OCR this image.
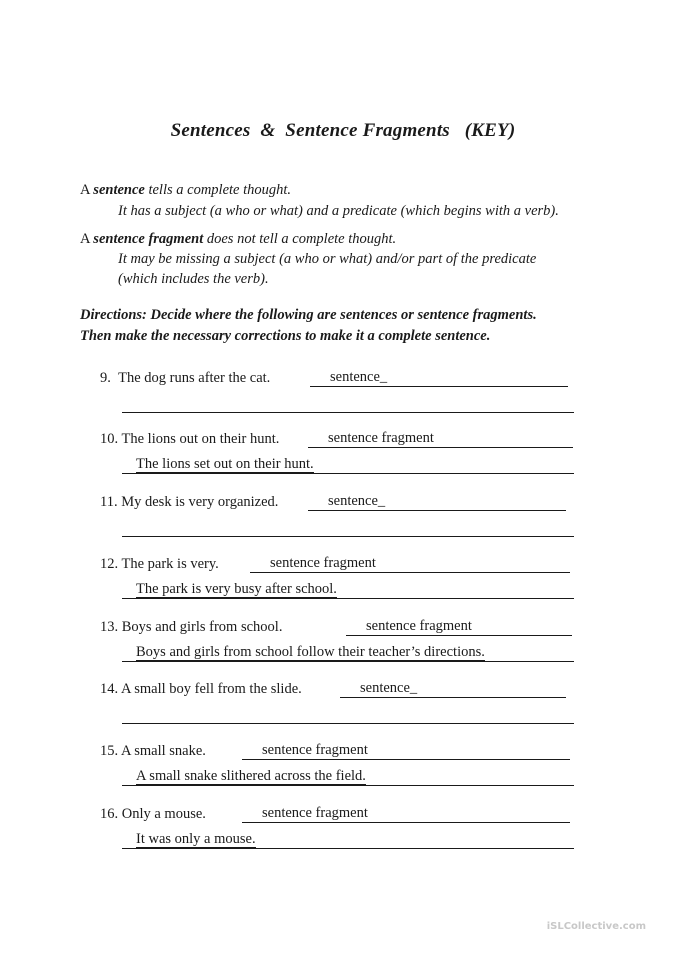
Sentences  &  Sentence Fragments   (KEY)
A sentence tells a complete thought.
It has a subject (a who or what) and a predicate (which begins with a verb).
A sentence fragment does not tell a complete thought.
It may be missing a subject (a who or what) and/or part of the predicate
(which includes the verb).
Directions: Decide where the following are sentences or sentence fragments.
Then make the necessary corrections to make it a complete sentence.
9. The dog runs after the cat.	sentence_
10. The lions out on their hunt.	sentence fragment
The lions set out on their hunt.
11. My desk is very organized.	sentence_
12. The park is very.	sentence fragment
The park is very busy after school.
13. Boys and girls from school.	sentence fragment
Boys and girls from school follow their teacher’s directions.
14. A small boy fell from the slide.	sentence_
15. A small snake.	sentence fragment
A small snake slithered across the field.
16. Only a mouse.	sentence fragment
It was only a mouse.
iSLCollective.com
